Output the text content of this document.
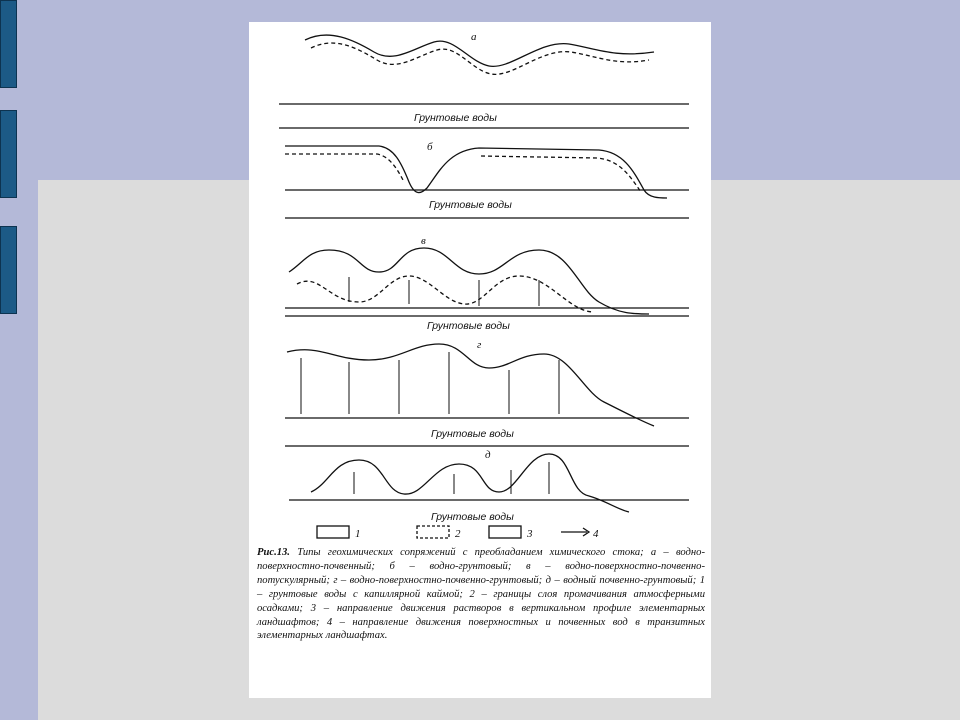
Грунтовые воды
Грунтовые воды
Грунтовые воды
Грунтовые воды
Грунтовые воды
а
б
в
г
д
1	2	3	4
Рис.13. Типы геохимических сопряжений с преобладанием химического стока; а – водно-поверхностно-почвенный; б – водно-грунтовый; в – водно-поверхностно-почвенно-потускулярный; г – водно-поверхностно-почвенно-грунтовый; д – водный почвенно-грунтовый; 1 – грунтовые воды с капиллярной каймой; 2 – границы слоя промачивания атмосферными осадками; 3 – направление движения растворов в вертикальном профиле элементарных ландшафтов; 4 – направление движения поверхностных и почвенных вод в транзитных элементарных ландшафтах.
